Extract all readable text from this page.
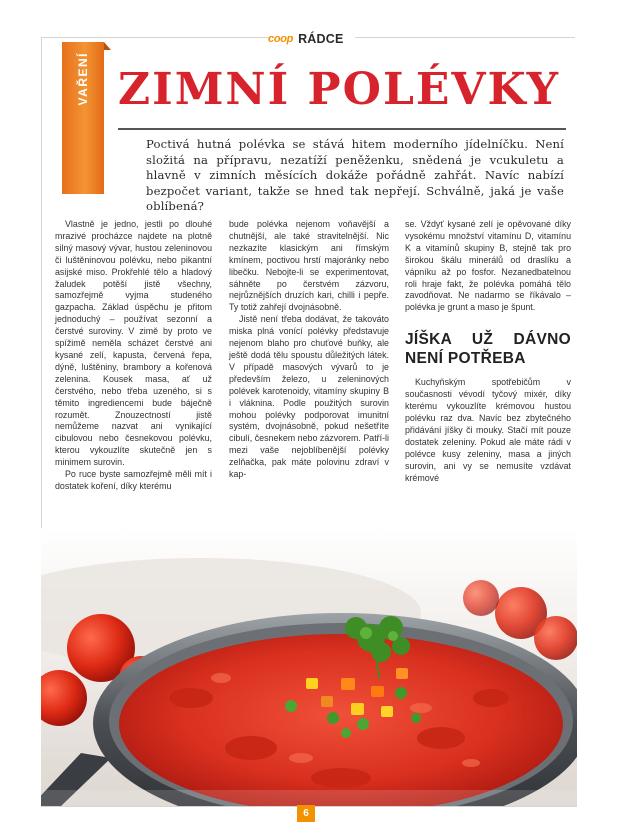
coop RÁDCE
VAŘENÍ ZIMNÍ POLÉVKY
Poctivá hutná polévka se stává hitem moderního jídelníčku. Není složitá na přípravu, nezatíží peněženku, snědená je vcukuletu a hlavně v zimních měsících dokáže pořádně zahřát. Navíc nabízí bezpočet variant, takže se hned tak nepřejí. Schválně, jaká je vaše oblíbená?

Vlastně je jedno, jestli po dlouhé mrazivé procházce najdete na plotně silný masový vývar, hustou zeleninovou či luštěninovou polévku, nebo pikantní asijské miso. Prokřehlé tělo a hladový žaludek potěší jistě všechny, samozřejmě vyjma studeného gazpacha. Základ úspěchu je přitom jednoduchý – používat sezonní a čerstvé suroviny. V zimě by proto ve spížimě neměla scházet čerstvé ani kysané zelí, kapusta, červená řepa, dýně, luštěniny, brambory a kořenová zelenina. Kousek masa, ať už čerstvého, nebo třeba uzeného, si s těmito ingrediencemi bude báječně rozumět. Znouzectností jistě nemůžeme nazvat ani vynikající cibulovou nebo česnekovou polévku, kterou vykouzlíte skutečně jen s minimem surovin.

Po ruce byste samozřejmě měli mít i dostatek koření, díky kterému

bude polévka nejenom voňavější a chutnější, ale také stravitelnější. Nic nezkazíte klasickým ani římským kmínem, poctivou hrstí majoránky nebo libečku. Nebojte-li se experimentovat, sáhněte po čerstvém zázvoru, nejrůznějších druzích kari, chilli i pepře. Ty totiž zahřejí dvojnásobně.

Jistě není třeba dodávat, že takováto miska plná vonící polévky představuje nejenom blaho pro chuťové buňky, ale ještě dodá tělu spoustu důležitých látek. V případě masových vývarů to je především železo, u zeleninových polévek karotenoidy, vitamíny skupiny B i vláknina. Podle použitých surovin mohou polévky podporovat imunitní systém, dvojnásobně, pokud nešetříte cibulí, česnekem nebo zázvorem. Patří-li mezi vaše nejoblíbenější polévky zelňačka, pak máte polovinu zdraví v kap-

se. Vždyť kysané zelí je opěvované díky vysokému množství vitamínu D, vitamínu K a vitamínů skupiny B, stejně tak pro širokou škálu minerálů od draslíku a vápníku až po fosfor. Nezanedbatelnou roli hraje fakt, že polévka pomáhá tělo zavodňovat. Ne nadarmo se říkávalo – polévka je grunt a maso je špunt.

JÍŠKA UŽ DÁVNO NENÍ POTŘEBA

Kuchyňským spotřebičům v současnosti vévodí tyčový mixér, díky kterému vykouzlíte krémovou hustou polévku raz dva. Navíc bez zbytečného přidávání jíšky či mouky. Stačí mít pouze dostatek zeleniny. Pokud ale máte rádi v polévce kusy zeleniny, masa a jiných surovin, ani vy se nemusíte vzdávat krémové

6
